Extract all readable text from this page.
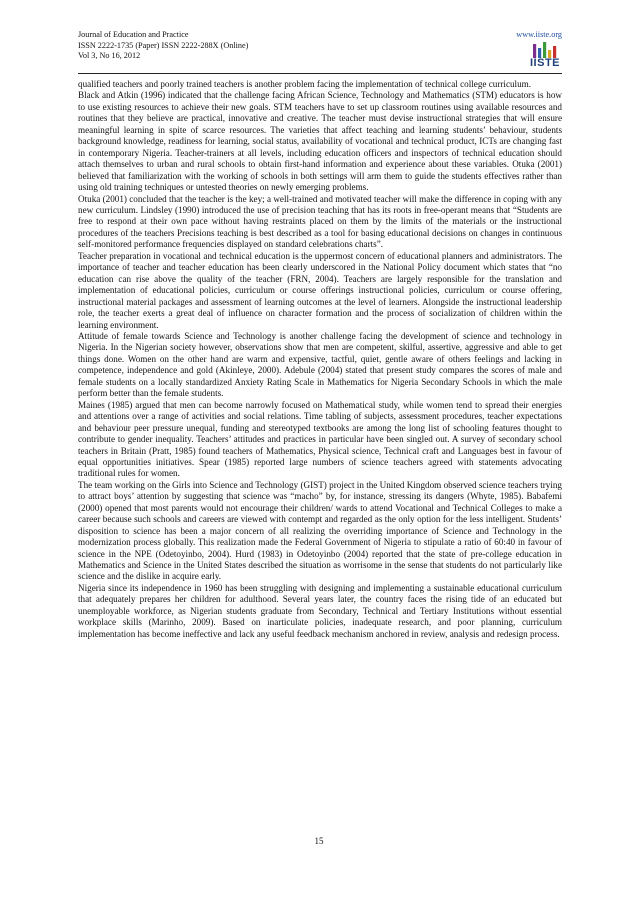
Journal of Education and Practice
ISSN 2222-1735 (Paper) ISSN 2222-288X (Online)
Vol 3, No 16, 2012
www.iiste.org
IISTE

qualified teachers and poorly trained teachers is another problem facing the implementation of technical college curriculum.

Black and Atkin (1996) indicated that the challenge facing African Science, Technology and Mathematics (STM) educators is how to use existing resources to achieve their new goals. STM teachers have to set up classroom routines using available resources and routines that they believe are practical, innovative and creative. The teacher must devise instructional strategies that will ensure meaningful learning in spite of scarce resources. The varieties that affect teaching and learning students’ behaviour, students background knowledge, readiness for learning, social status, availability of vocational and technical product, ICTs are changing fast in contemporary Nigeria. Teacher-trainers at all levels, including education officers and inspectors of technical education should attach themselves to urban and rural schools to obtain first-hand information and experience about these variables. Otuka (2001) believed that familiarization with the working of schools in both settings will arm them to guide the students effectives rather than using old training techniques or untested theories on newly emerging problems.

Otuka (2001) concluded that the teacher is the key; a well-trained and motivated teacher will make the difference in coping with any new curriculum. Lindsley (1990) introduced the use of precision teaching that has its roots in free-operant means that “Students are free to respond at their own pace without having restraints placed on them by the limits of the materials or the instructional procedures of the teachers Precisions teaching is best described as a tool for basing educational decisions on changes in continuous self-monitored performance frequencies displayed on standard celebrations charts”.

Teacher preparation in vocational and technical education is the uppermost concern of educational planners and administrators. The importance of teacher and teacher education has been clearly underscored in the National Policy document which states that “no education can rise above the quality of the teacher (FRN, 2004). Teachers are largely responsible for the translation and implementation of educational policies, curriculum or course offerings instructional policies, curriculum or course offering, instructional material packages and assessment of learning outcomes at the level of learners. Alongside the instructional leadership role, the teacher exerts a great deal of influence on character formation and the process of socialization of children within the learning environment.

Attitude of female towards Science and Technology is another challenge facing the development of science and technology in Nigeria. In the Nigerian society however, observations show that men are competent, skilful, assertive, aggressive and able to get things done. Women on the other hand are warm and expensive, tactful, quiet, gentle aware of others feelings and lacking in competence, independence and gold (Akinleye, 2000). Adebule (2004) stated that present study compares the scores of male and female students on a locally standardized Anxiety Rating Scale in Mathematics for Nigeria Secondary Schools in which the male perform better than the female students.

Maines (1985) argued that men can become narrowly focused on Mathematical study, while women tend to spread their energies and attentions over a range of activities and social relations. Time tabling of subjects, assessment procedures, teacher expectations and behaviour peer pressure unequal, funding and stereotyped textbooks are among the long list of schooling features thought to contribute to gender inequality. Teachers’ attitudes and practices in particular have been singled out. A survey of secondary school teachers in Britain (Pratt, 1985) found teachers of Mathematics, Physical science, Technical craft and Languages best in favour of equal opportunities initiatives. Spear (1985) reported large numbers of science teachers agreed with statements advocating traditional rules for women.

The team working on the Girls into Science and Technology (GIST) project in the United Kingdom observed science teachers trying to attract boys’ attention by suggesting that science was “macho” by, for instance, stressing its dangers (Whyte, 1985). Babafemi (2000) opened that most parents would not encourage their children/ wards to attend Vocational and Technical Colleges to make a career because such schools and careers are viewed with contempt and regarded as the only option for the less intelligent. Students’ disposition to science has been a major concern of all realizing the overriding importance of Science and Technology in the modernization process globally. This realization made the Federal Government of Nigeria to stipulate a ratio of 60:40 in favour of science in the NPE (Odetoyinbo, 2004). Hurd (1983) in Odetoyinbo (2004) reported that the state of pre-college education in Mathematics and Science in the United States described the situation as worrisome in the sense that students do not particularly like science and the dislike in acquire early.

Nigeria since its independence in 1960 has been struggling with designing and implementing a sustainable educational curriculum that adequately prepares her children for adulthood. Several years later, the country faces the rising tide of an educated but unemployable workforce, as Nigerian students graduate from Secondary, Technical and Tertiary Institutions without essential workplace skills (Marinho, 2009). Based on inarticulate policies, inadequate research, and poor planning, curriculum implementation has become ineffective and lack any useful feedback mechanism anchored in review, analysis and redesign process.

15
